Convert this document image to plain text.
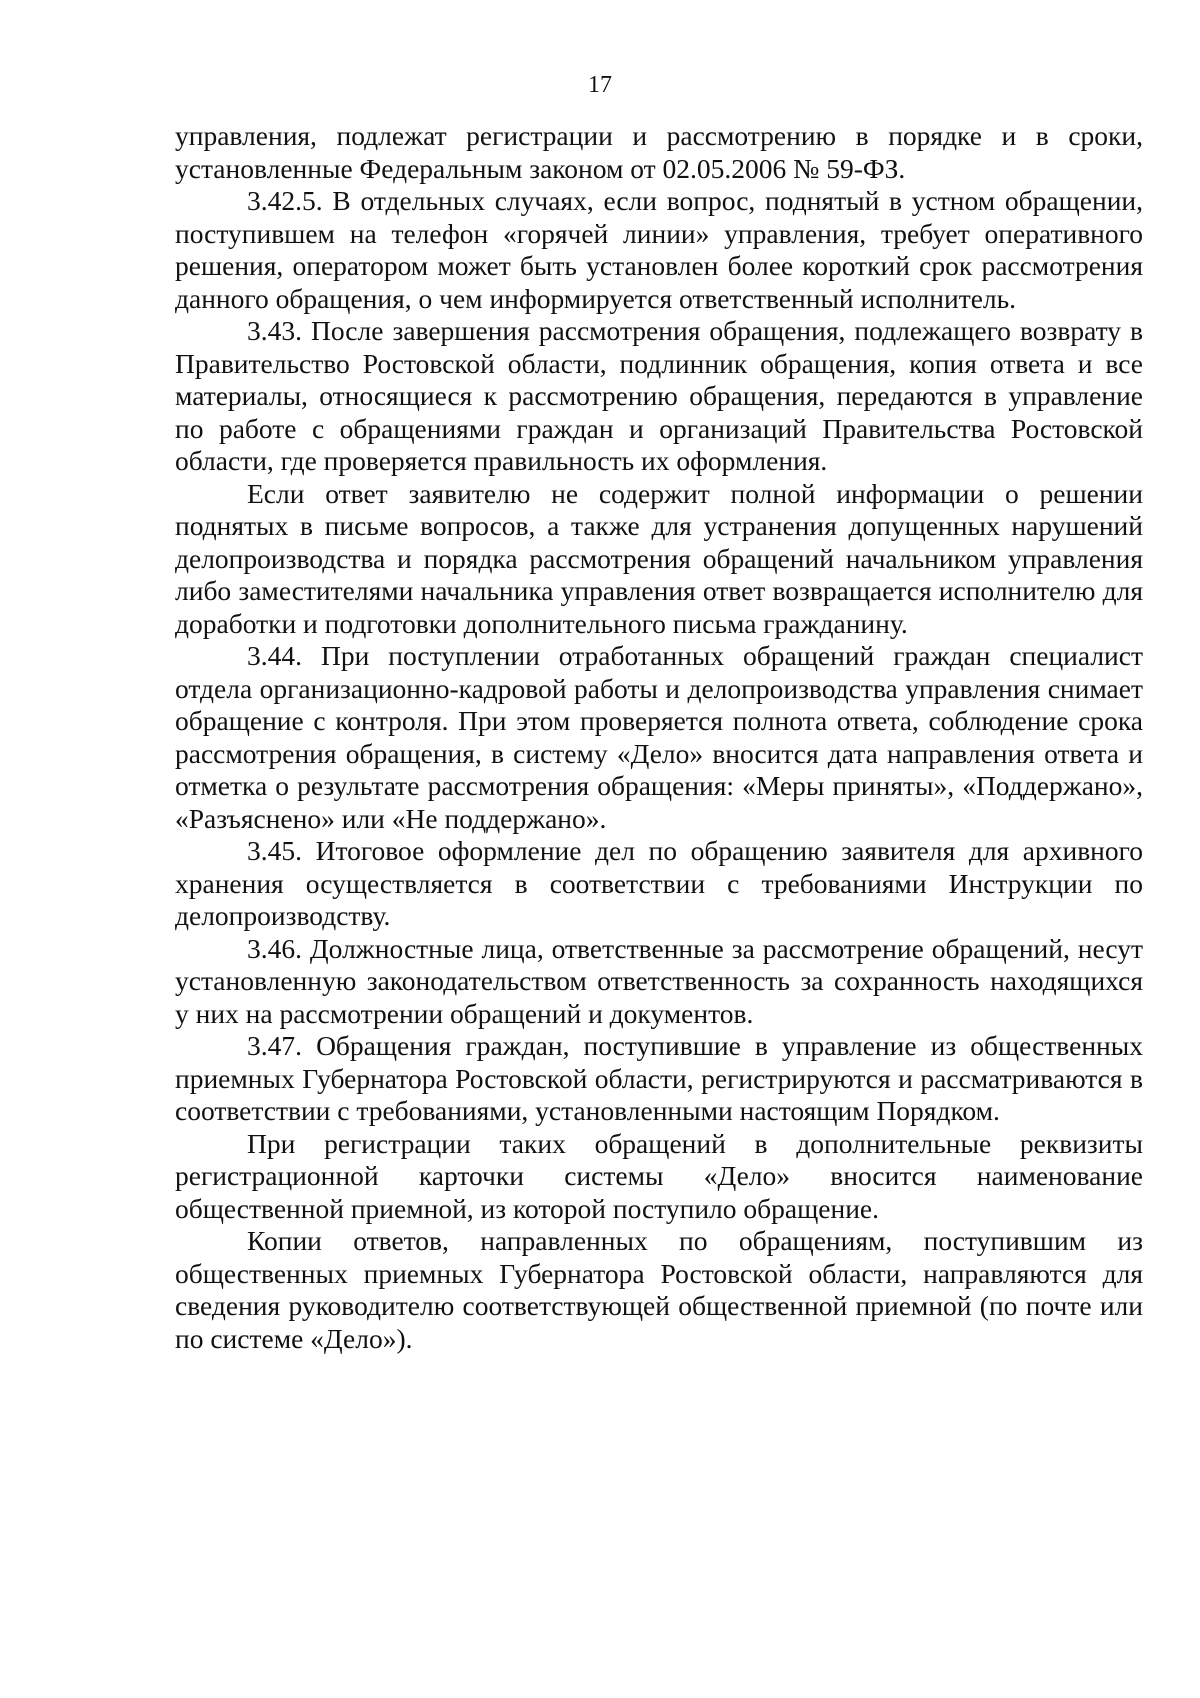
17

управления, подлежат регистрации и рассмотрению в порядке и в сроки, установленные Федеральным законом от 02.05.2006 № 59-ФЗ.

3.42.5. В отдельных случаях, если вопрос, поднятый в устном обращении, поступившем на телефон «горячей линии» управления, требует оперативного решения, оператором может быть установлен более короткий срок рассмотрения данного обращения, о чем информируется ответственный исполнитель.

3.43. После завершения рассмотрения обращения, подлежащего возврату в Правительство Ростовской области, подлинник обращения, копия ответа и все материалы, относящиеся к рассмотрению обращения, передаются в управление по работе с обращениями граждан и организаций Правительства Ростовской области, где проверяется правильность их оформления.

Если ответ заявителю не содержит полной информации о решении поднятых в письме вопросов, а также для устранения допущенных нарушений делопроизводства и порядка рассмотрения обращений начальником управления либо заместителями начальника управления ответ возвращается исполнителю для доработки и подготовки дополнительного письма гражданину.

3.44. При поступлении отработанных обращений граждан специалист отдела организационно-кадровой работы и делопроизводства управления снимает обращение с контроля. При этом проверяется полнота ответа, соблюдение срока рассмотрения обращения, в систему «Дело» вносится дата направления ответа и отметка о результате рассмотрения обращения: «Меры приняты», «Поддержано», «Разъяснено» или «Не поддержано».

3.45. Итоговое оформление дел по обращению заявителя для архивного хранения осуществляется в соответствии с требованиями Инструкции по делопроизводству.

3.46. Должностные лица, ответственные за рассмотрение обращений, несут установленную законодательством ответственность за сохранность находящихся у них на рассмотрении обращений и документов.

3.47. Обращения граждан, поступившие в управление из общественных приемных Губернатора Ростовской области, регистрируются и рассматриваются в соответствии с требованиями, установленными настоящим Порядком.

При регистрации таких обращений в дополнительные реквизиты регистрационной карточки системы «Дело» вносится наименование общественной приемной, из которой поступило обращение.

Копии ответов, направленных по обращениям, поступившим из общественных приемных Губернатора Ростовской области, направляются для сведения руководителю соответствующей общественной приемной (по почте или по системе «Дело»).
